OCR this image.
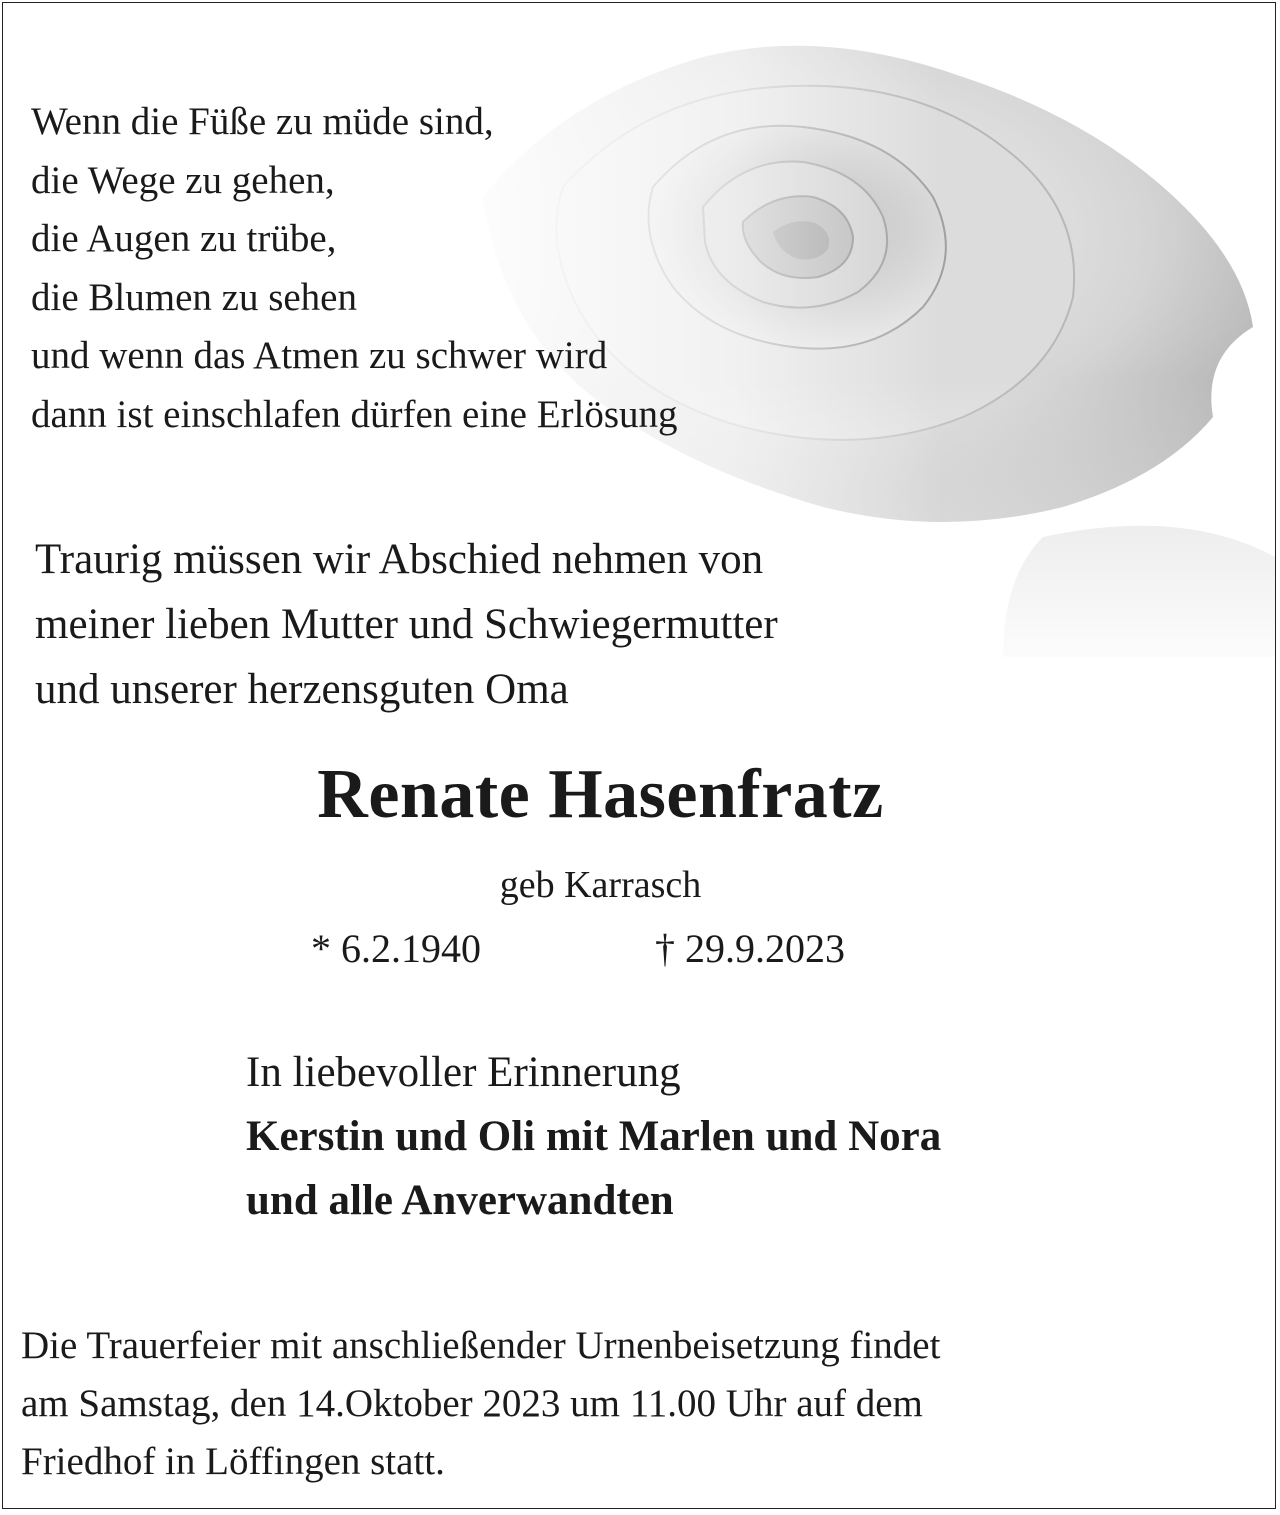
Wenn die Füße zu müde sind,
die Wege zu gehen,
die Augen zu trübe,
die Blumen zu sehen
und wenn das Atmen zu schwer wird
dann ist einschlafen dürfen eine Erlösung
Traurig müssen wir Abschied nehmen von
meiner lieben Mutter und Schwiegermutter
und unserer herzensguten Oma
Renate Hasenfratz
geb Karrasch
* 6.2.1940	† 29.9.2023
In liebevoller Erinnerung
Kerstin und Oli mit Marlen und Nora
und alle Anverwandten
Die Trauerfeier mit anschließender Urnenbeisetzung findet
am Samstag, den 14.Oktober 2023 um 11.00 Uhr auf dem
Friedhof in Löffingen statt.
